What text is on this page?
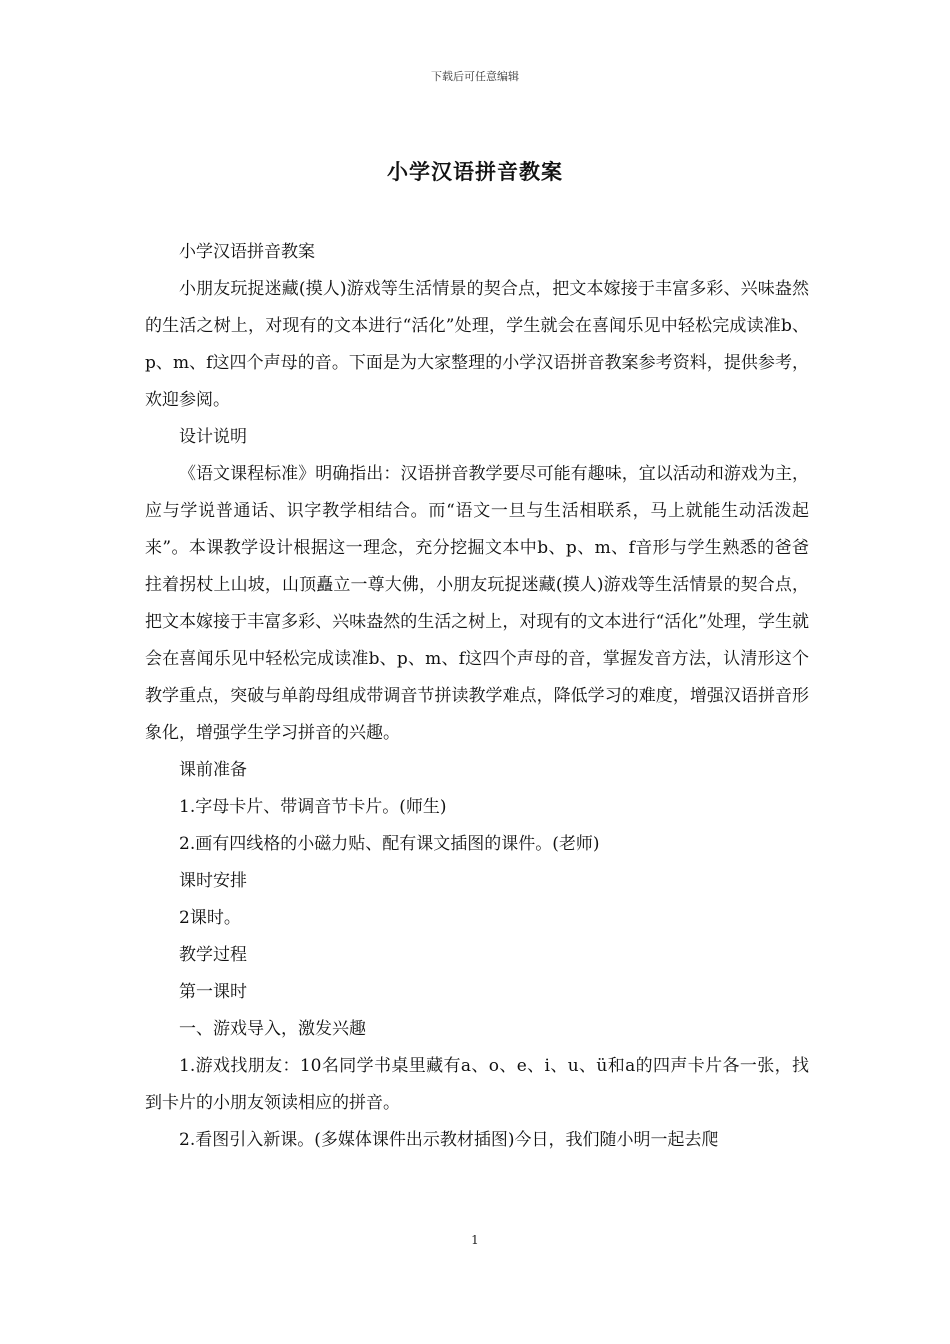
下载后可任意编辑
小学汉语拼音教案

小学汉语拼音教案

小朋友玩捉迷藏(摸人)游戏等生活情景的契合点，把文本嫁接于丰富多彩、兴味盎然的生活之树上，对现有的文本进行“活化”处理，学生就会在喜闻乐见中轻松完成读准b、p、m、f这四个声母的音。下面是为大家整理的小学汉语拼音教案参考资料，提供参考，欢迎参阅。

设计说明

《语文课程标准》明确指出：汉语拼音教学要尽可能有趣味，宜以活动和游戏为主，应与学说普通话、识字教学相结合。而“语文一旦与生活相联系，马上就能生动活泼起来”。本课教学设计根据这一理念，充分挖掘文本中b、p、m、f音形与学生熟悉的爸爸拄着拐杖上山坡，山顶矗立一尊大佛，小朋友玩捉迷藏(摸人)游戏等生活情景的契合点，把文本嫁接于丰富多彩、兴味盎然的生活之树上，对现有的文本进行“活化”处理，学生就会在喜闻乐见中轻松完成读准b、p、m、f这四个声母的音，掌握发音方法，认清形这个教学重点，突破与单韵母组成带调音节拼读教学难点，降低学习的难度，增强汉语拼音形象化，增强学生学习拼音的兴趣。

课前准备

1.字母卡片、带调音节卡片。(师生)

2.画有四线格的小磁力贴、配有课文插图的课件。(老师)

课时安排

2课时。

教学过程

第一课时

一、游戏导入，激发兴趣

1.游戏找朋友：10名同学书桌里藏有a、o、e、i、u、ü和a的四声卡片各一张，找到卡片的小朋友领读相应的拼音。

2.看图引入新课。(多媒体课件出示教材插图)今日，我们随小明一起去爬

1
